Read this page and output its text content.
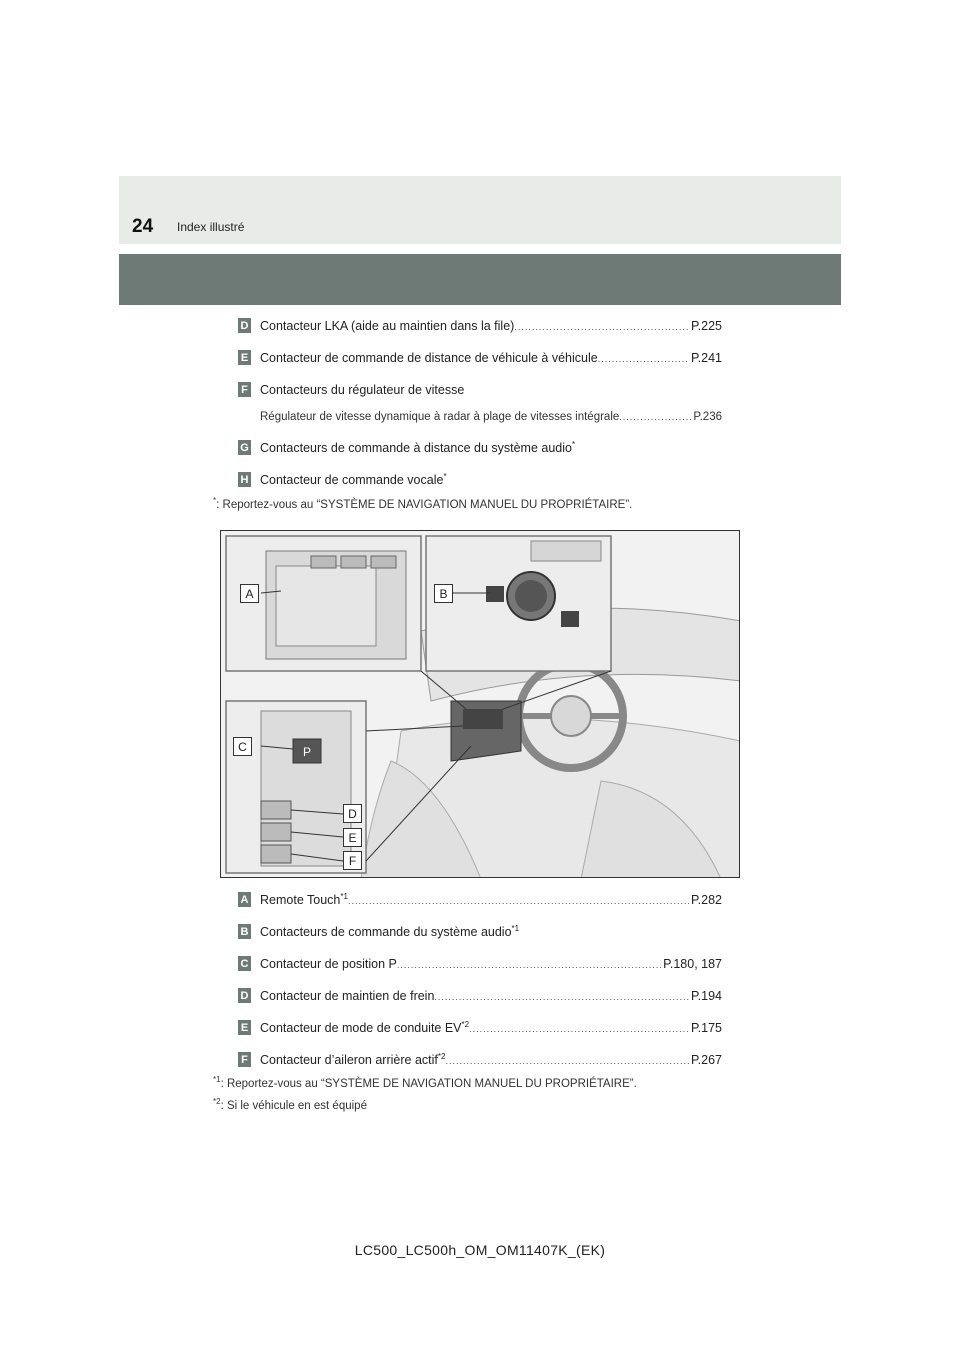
24 Index illustré
D Contacteur LKA (aide au maintien dans la file) .....	P.225
E Contacteur de commande de distance de véhicule à véhicule .....	P.241
F Contacteurs du régulateur de vitesse
Régulateur de vitesse dynamique à radar à plage de vitesses intégrale .....	P.236
G Contacteurs de commande à distance du système audio*
H Contacteur de commande vocale*
*: Reportez-vous au “SYSTÈME DE NAVIGATION MANUEL DU PROPRIÉTAIRE”.
P
A	B
C
D
E
F
A Remote Touch$^{*1}$ .....	P.282
B Contacteurs de commande du système audio$^{*1}$
C Contacteur de position P .....	P.180, 187
D Contacteur de maintien de frein .....	P.194
E Contacteur de mode de conduite EV$^{*2}$ .....	P.175
F Contacteur d’aileron arrière actif$^{*2}$ .....	P.267
$^{*1}$: Reportez-vous au “SYSTÈME DE NAVIGATION MANUEL DU PROPRIÉTAIRE”.
$^{*2}$: Si le véhicule en est équipé
LC500_LC500h_OM_OM11407K_(EK)
